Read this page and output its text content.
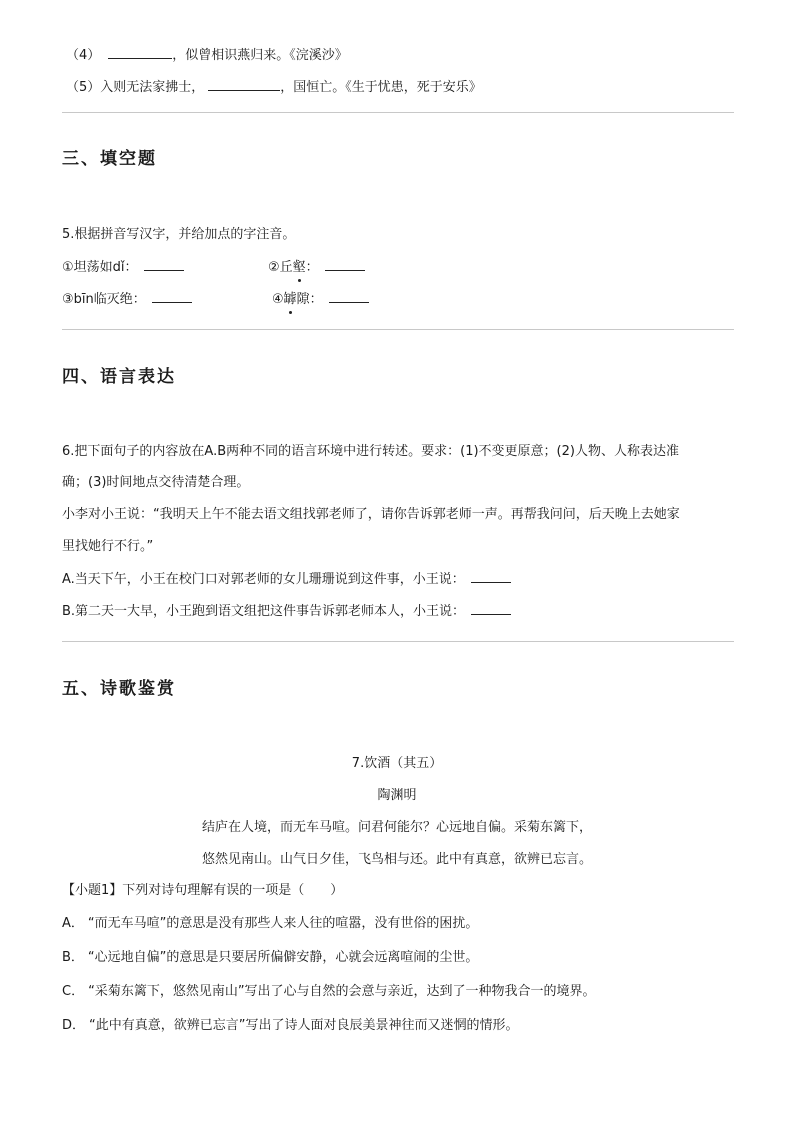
（4）	，似曾相识燕归来。《浣溪沙》
（5）入则无法家拂士，	，国恒亡。《生于忧患，死于安乐》
三、填空题
5.根据拼音写汉字，并给加点的字注音。
①坦荡如dǐ：	②丘壑：
③bīn临灭绝：	④罅隙：
四、语言表达
6.把下面句子的内容放在A.B两种不同的语言环境中进行转述。要求：(1)不变更原意；(2)人物、人称表达准
确；(3)时间地点交待清楚合理。
小李对小王说：“我明天上午不能去语文组找郭老师了，请你告诉郭老师一声。再帮我问问，后天晚上去她家
里找她行不行。”
A.当天下午，小王在校门口对郭老师的女儿珊珊说到这件事，小王说：
B.第二天一大早，小王跑到语文组把这件事告诉郭老师本人，小王说：
五、诗歌鉴赏
7.饮酒（其五）
陶渊明
结庐在人境，而无车马喧。问君何能尔？心远地自偏。采菊东篱下，
悠然见南山。山气日夕佳，飞鸟相与还。此中有真意，欲辨已忘言。
【小题1】下列对诗句理解有误的一项是（　　）
A． “而无车马喧”的意思是没有那些人来人往的喧嚣，没有世俗的困扰。
B． “心远地自偏”的意思是只要居所偏僻安静，心就会远离喧闹的尘世。
C． “采菊东篱下，悠然见南山”写出了心与自然的会意与亲近，达到了一种物我合一的境界。
D． “此中有真意，欲辨已忘言”写出了诗人面对良辰美景神往而又迷惘的情形。
